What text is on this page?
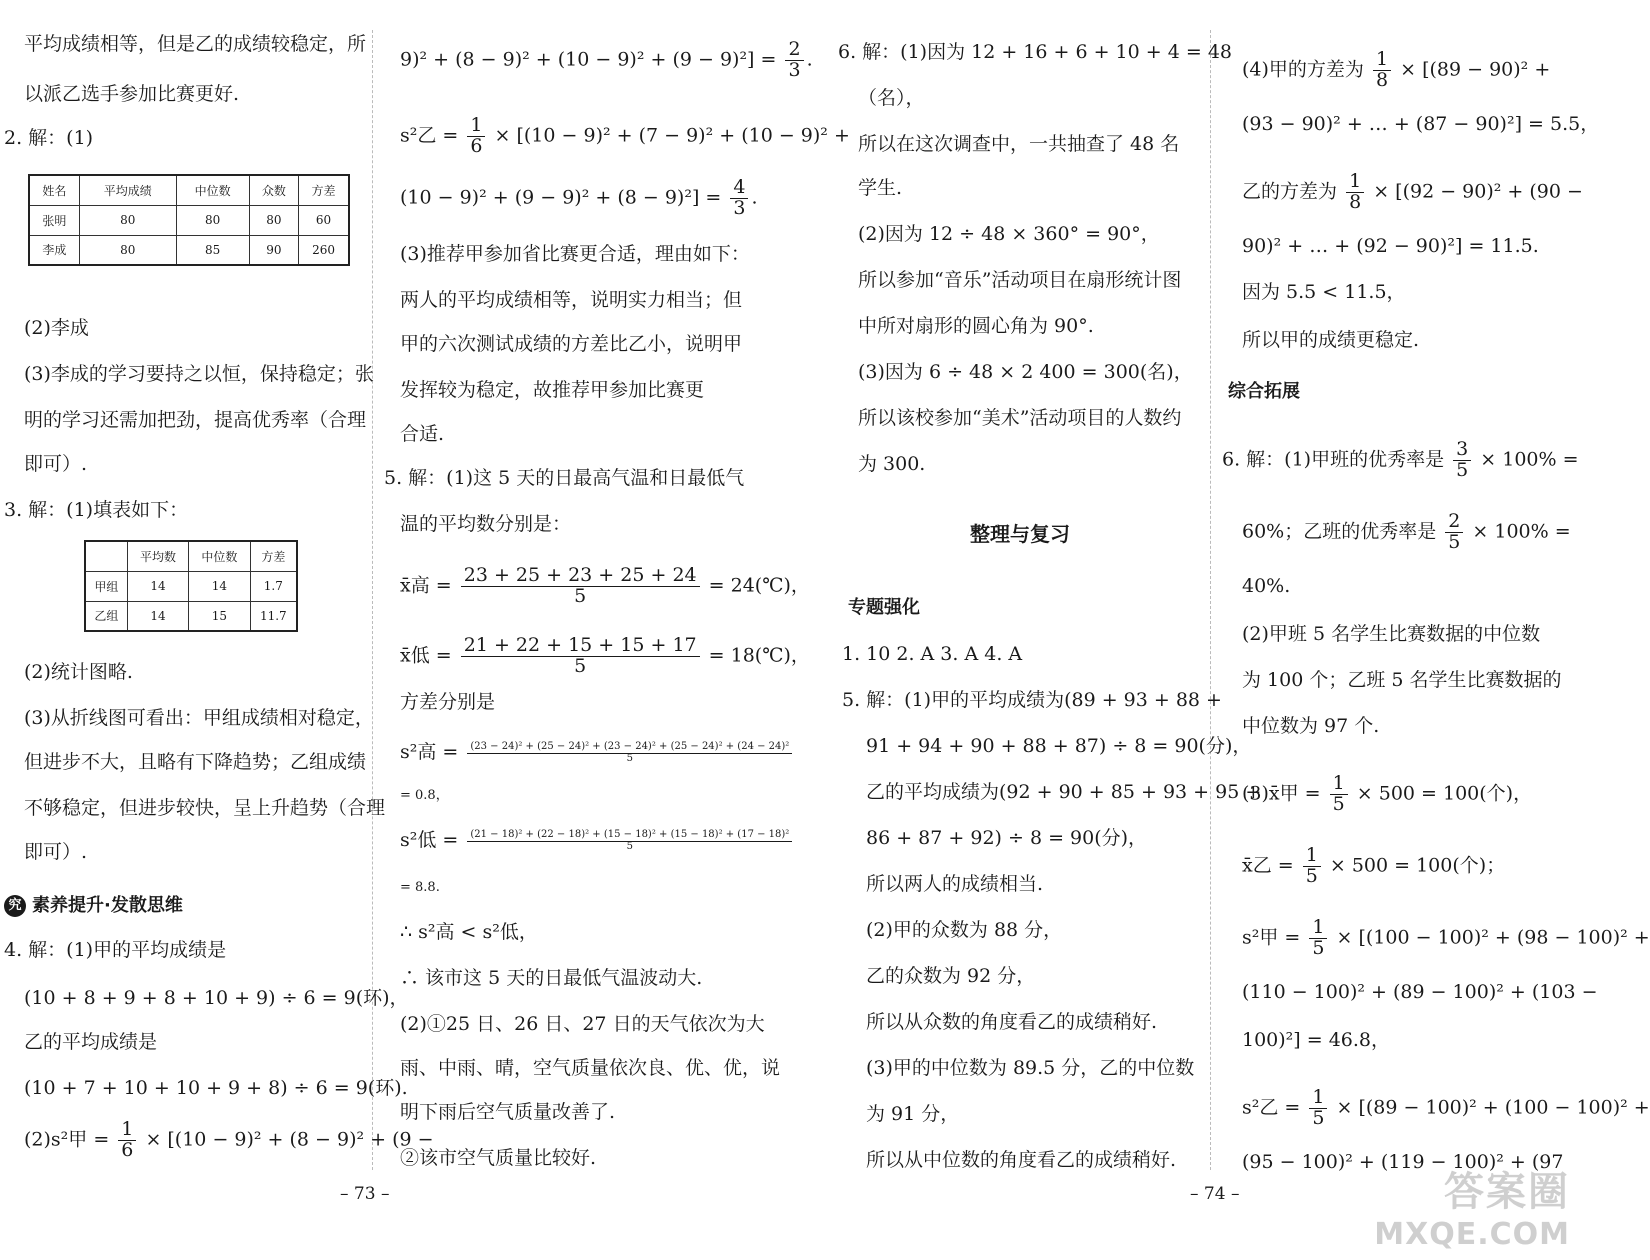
平均成绩相等，但是乙的成绩较稳定，所
以派乙选手参加比赛更好.
2. 解：(1)
姓名	平均成绩	中位数	众数	方差
张明	80	80	80	60
李成	80	85	90	260
(2)李成
(3)李成的学习要持之以恒，保持稳定；张
明的学习还需加把劲，提高优秀率（合理
即可）.
3. 解：(1)填表如下：
	平均数	中位数	方差
甲组	14	14	1.7
乙组	14	15	11.7
(2)统计图略.
(3)从折线图可看出：甲组成绩相对稳定，
但进步不大，且略有下降趋势；乙组成绩
不够稳定，但进步较快，呈上升趋势（合理
即可）.
究 素养提升·发散思维
4. 解：(1)甲的平均成绩是
(10 + 8 + 9 + 8 + 10 + 9) ÷ 6 = 9(环)，
乙的平均成绩是
(10 + 7 + 10 + 10 + 9 + 8) ÷ 6 = 9(环).
(2)s²甲 = $\frac{1}{6} \times [(10 - 9)^2 + (8 - 9)^2 + (9$ −
$9)^2 + (8 - 9)^2 + (10 - 9)^2 + (9 - 9)^2] = \frac{2}{3}$ .
s²乙 = $\frac{1}{6} \times [(10 - 9)^2 + (7 - 9)^2 + (10 - 9)^2$ +
$(10 - 9)^2 + (9 - 9)^2 + (8 - 9)^2] = \frac{4}{3}$ .
(3)推荐甲参加省比赛更合适，理由如下：
两人的平均成绩相等，说明实力相当；但
甲的六次测试成绩的方差比乙小，说明甲
发挥较为稳定，故推荐甲参加比赛更
合适.
5. 解：(1)这 5 天的日最高气温和日最低气
温的平均数分别是：
x̄高 = $\frac{23 + 25 + 23 + 25 + 24}{5}$ = 24(℃)，
x̄低 = $\frac{21 + 22 + 15 + 15 + 17}{5}$ = 18(℃)，
方差分别是
s²高 =	(23 − 24)² + (25 − 24)² + (23 − 24)² + (25 − 24)² + (24 − 24)²
5
= 0.8，
s²低 =	(21 − 18)² + (22 − 18)² + (15 − 18)² + (15 − 18)² + (17 − 18)²
5
= 8.8.
∴ s²高 < s²低，
∴ 该市这 5 天的日最低气温波动大.
(2)①25 日、26 日、27 日的天气依次为大
雨、中雨、晴，空气质量依次良、优、优，说
明下雨后空气质量改善了.
②该市空气质量比较好.
– 73 –
6. 解：(1)因为 12 + 16 + 6 + 10 + 4 = 48
（名），
所以在这次调查中，一共抽查了 48 名
学生.
(2)因为 12 ÷ 48 × 360° = 90°，
所以参加“音乐”活动项目在扇形统计图
中所对扇形的圆心角为 90°.
(3)因为 6 ÷ 48 × 2 400 = 300(名)，
所以该校参加“美术”活动项目的人数约
为 300.
整理与复习
专题强化
1. 10 2. A 3. A 4. A
5. 解：(1)甲的平均成绩为(89 + 93 + 88 +
91 + 94 + 90 + 88 + 87) ÷ 8 = 90(分)，
乙的平均成绩为(92 + 90 + 85 + 93 + 95 +
86 + 87 + 92) ÷ 8 = 90(分)，
所以两人的成绩相当.
(2)甲的众数为 88 分，
乙的众数为 92 分，
所以从众数的角度看乙的成绩稍好.
(3)甲的中位数为 89.5 分，乙的中位数
为 91 分，
所以从中位数的角度看乙的成绩稍好.
– 74 –
(4)甲的方差为 $\frac{1}{8} \times [(89 - 90)^2$ +
(93 − 90)² + … + (87 − 90)²] = 5.5，
乙的方差为 $\frac{1}{8} \times [(92 - 90)^2 + (90$ −
90)² + … + (92 − 90)²] = 11.5.
因为 5.5 < 11.5，
所以甲的成绩更稳定.
综合拓展
6. 解：(1)甲班的优秀率是 $\frac{3}{5} \times 100\%$ =
60%；乙班的优秀率是 $\frac{2}{5} \times 100\%$ =
40%.
(2)甲班 5 名学生比赛数据的中位数
为 100 个；乙班 5 名学生比赛数据的
中位数为 97 个.
(3)x̄甲 = $\frac{1}{5} \times 500 = 100$(个)，
x̄乙 = $\frac{1}{5} \times 500 = 100$(个)；
s²甲 = $\frac{1}{5} \times [(100 - 100)^2 + (98 - 100)^2$ +
(110 − 100)² + (89 − 100)² + (103 −
100)²] = 46.8，
s²乙 = $\frac{1}{5} \times [(89 - 100)^2 + (100 - 100)^2$ +
(95 − 100)² + (119 − 100)² + (97
答案圈
MXQE.COM
